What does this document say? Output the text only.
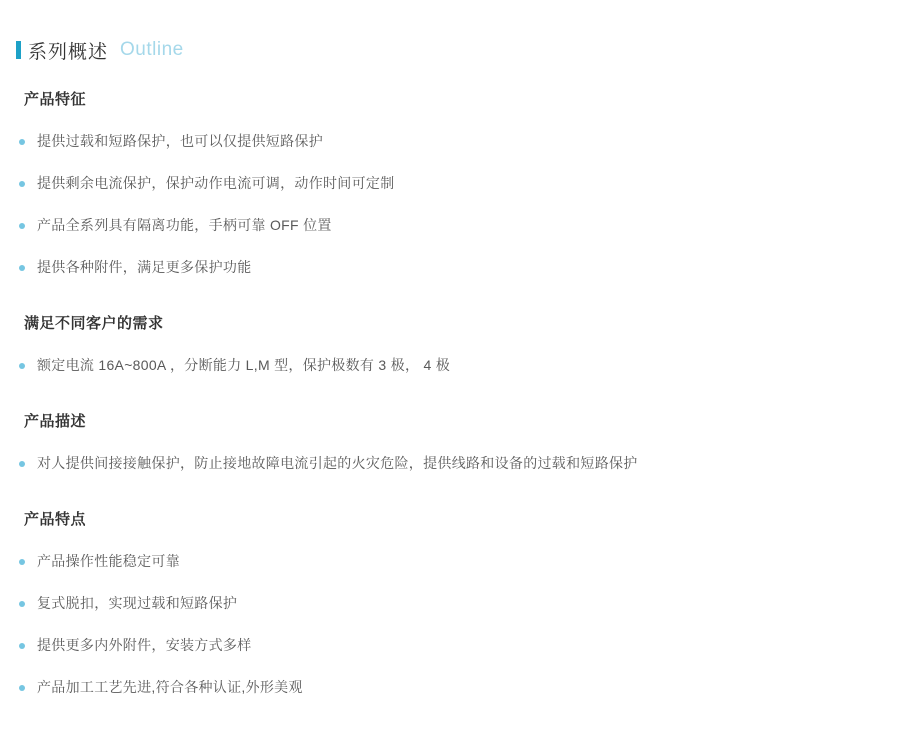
系列概述 Outline
产品特征
提供过载和短路保护，也可以仅提供短路保护
提供剩余电流保护，保护动作电流可调，动作时间可定制
产品全系列具有隔离功能，手柄可靠 OFF 位置
提供各种附件，满足更多保护功能
满足不同客户的需求
额定电流 16A~800A ，分断能力 L,M 型，保护极数有 3 极， 4 极
产品描述
对人提供间接接触保护，防止接地故障电流引起的火灾危险，提供线路和设备的过载和短路保护
产品特点
产品操作性能稳定可靠
复式脱扣，实现过载和短路保护
提供更多内外附件，安装方式多样
产品加工工艺先进,符合各种认证,外形美观
